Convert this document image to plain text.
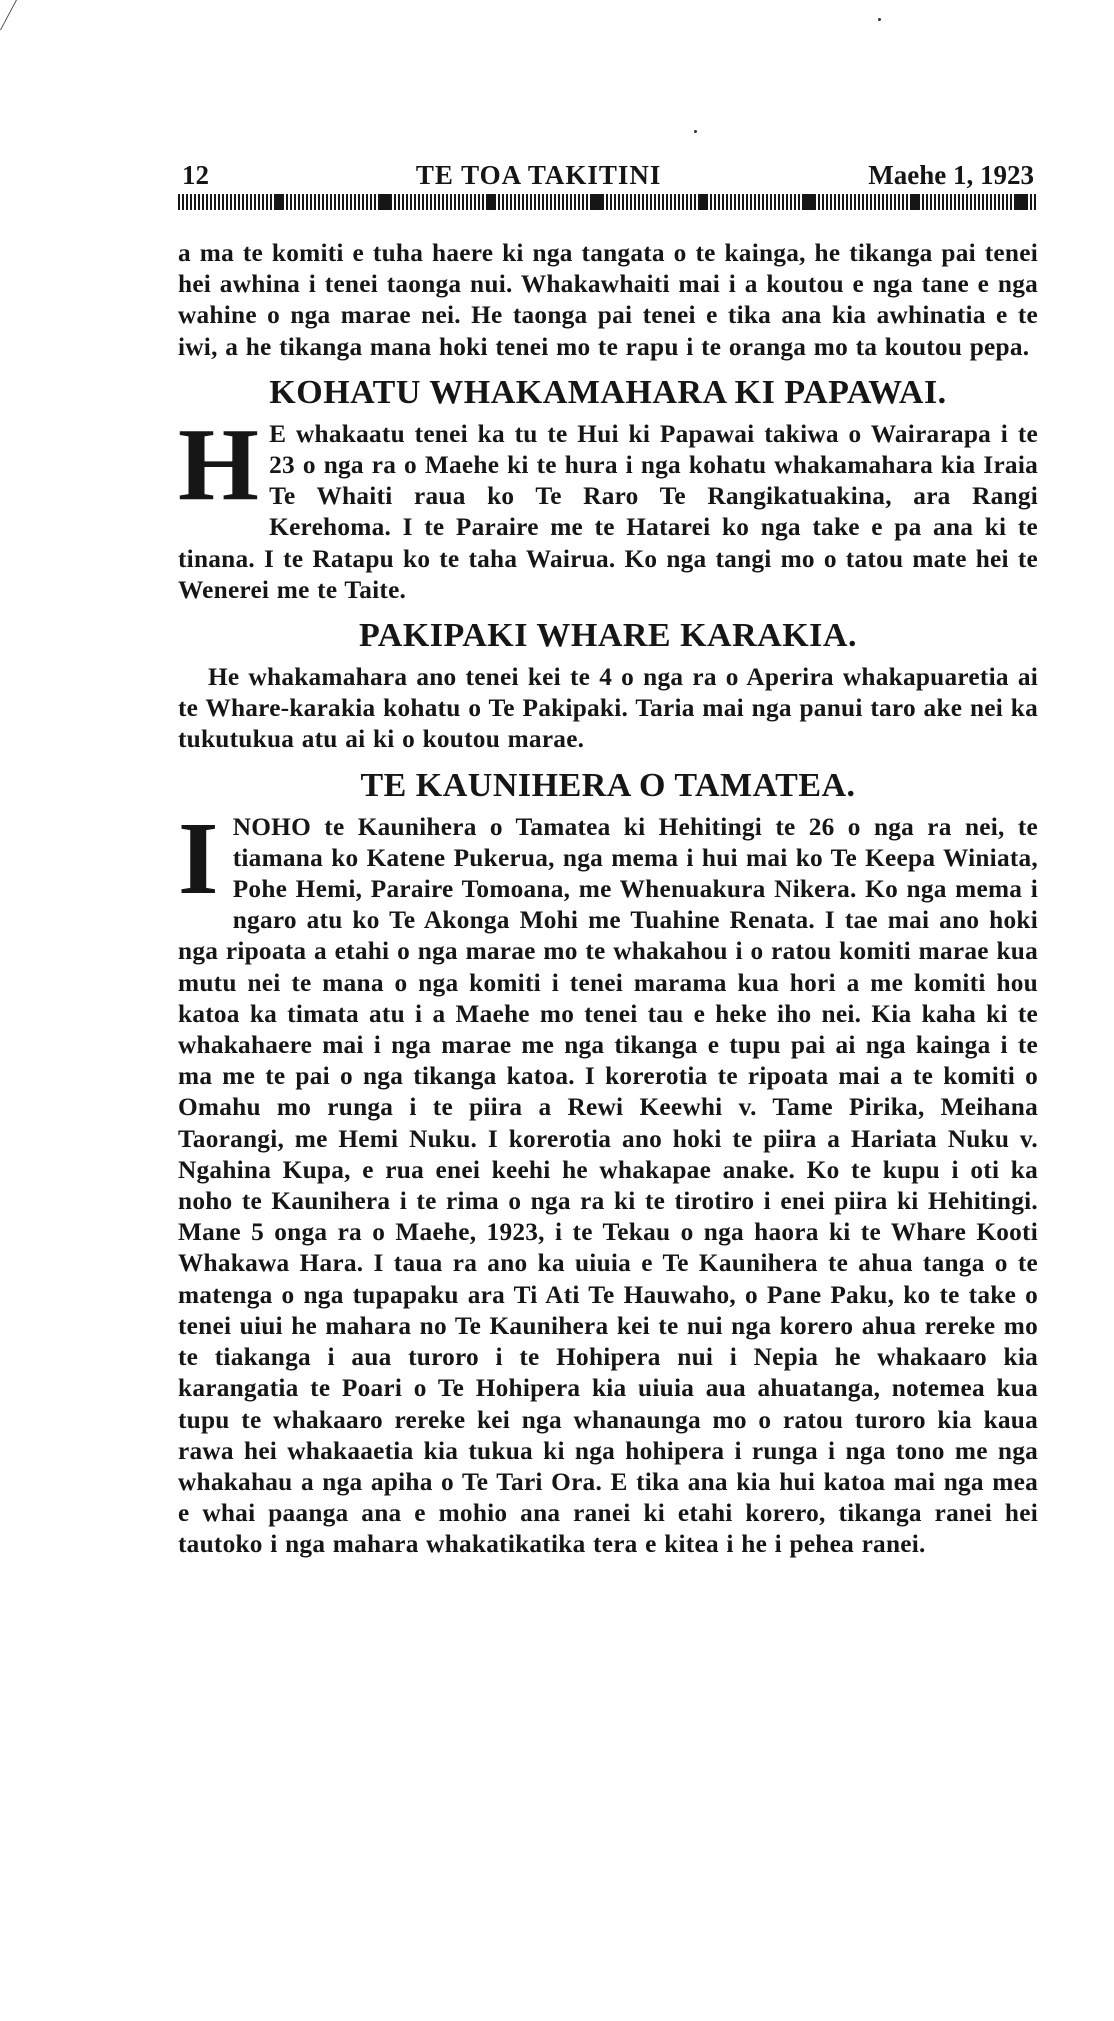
12	TE TOA TAKITINI	Maehe 1, 1923

a ma te komiti e tuha haere ki nga tangata o te kainga, he tikanga pai tenei hei awhina i tenei taonga nui. Whakawhaiti mai i a koutou e nga tane e nga wahine o nga marae nei. He taonga pai tenei e tika ana kia awhinatia e te iwi, a he tikanga mana hoki tenei mo te rapu i te oranga mo ta koutou pepa.

KOHATU WHAKAMAHARA KI PAPAWAI.

H E whakaatu tenei ka tu te Hui ki Papawai takiwa o Wairarapa i te 23 o nga ra o Maehe ki te hura i nga kohatu whakamahara kia Iraia Te Whaiti raua ko Te Raro Te Rangikatuakina, ara Rangi Kerehoma. I te Paraire me te Hatarei ko nga take e pa ana ki te tinana. I te Ratapu ko te taha Wairua. Ko nga tangi mo o tatou mate hei te Wenerei me te Taite.

PAKIPAKI WHARE KARAKIA.

He whakamahara ano tenei kei te 4 o nga ra o Aperira whakapuaretia ai te Whare-karakia kohatu o Te Pakipaki. Taria mai nga panui taro ake nei ka tukutukua atu ai ki o koutou marae.

TE KAUNIHERA O TAMATEA.

INOHO te Kaunihera o Tamatea ki Hehitingi te 26 o nga ra nei, te tiamana ko Katene Pukerua, nga mema i hui mai ko Te Keepa Winiata, Pohe Hemi, Paraire Tomoana, me Whenuakura Nikera. Ko nga mema i ngaro atu ko Te Akonga Mohi me Tuahine Renata. I tae mai ano hoki nga ripoata a etahi o nga marae mo te whakahou i o ratou komiti marae kua mutu nei te mana o nga komiti i tenei marama kua hori a me komiti hou katoa ka timata atu i a Maehe mo tenei tau e heke iho nei. Kia kaha ki te whakahaere mai i nga marae me nga tikanga e tupu pai ai nga kainga i te ma me te pai o nga tikanga katoa. I korerotia te ripoata mai a te komiti o Omahu mo runga i te piira a Rewi Keewhi v. Tame Pirika, Meihana Taorangi, me Hemi Nuku. I korerotia ano hoki te piira a Hariata Nuku v. Ngahina Kupa, e rua enei keehi he whakapae anake. Ko te kupu i oti ka noho te Kaunihera i te rima o nga ra ki te tirotiro i enei piira ki Hehitingi. Mane 5 onga ra o Maehe, 1923, i te Tekau o nga haora ki te Whare Kooti Whakawa Hara. I taua ra ano ka uiuia e Te Kaunihera te ahua tanga o te matenga o nga tupapaku ara Ti Ati Te Hauwaho, o Pane Paku, ko te take o tenei uiui he mahara no Te Kaunihera kei te nui nga korero ahua rereke mo te tiakanga i aua turoro i te Hohipera nui i Nepia he whakaaro kia karangatia te Poari o Te Hohipera kia uiuia aua ahuatanga, notemea kua tupu te whakaaro rereke kei nga whanaunga mo o ratou turoro kia kaua rawa hei whakaaetia kia tukua ki nga hohipera i runga i nga tono me nga whakahau a nga apiha o Te Tari Ora. E tika ana kia hui katoa mai nga mea e whai paanga ana e mohio ana ranei ki etahi korero, tikanga ranei hei tautoko i nga mahara whakatikatika tera e kitea i he i pehea ranei.
